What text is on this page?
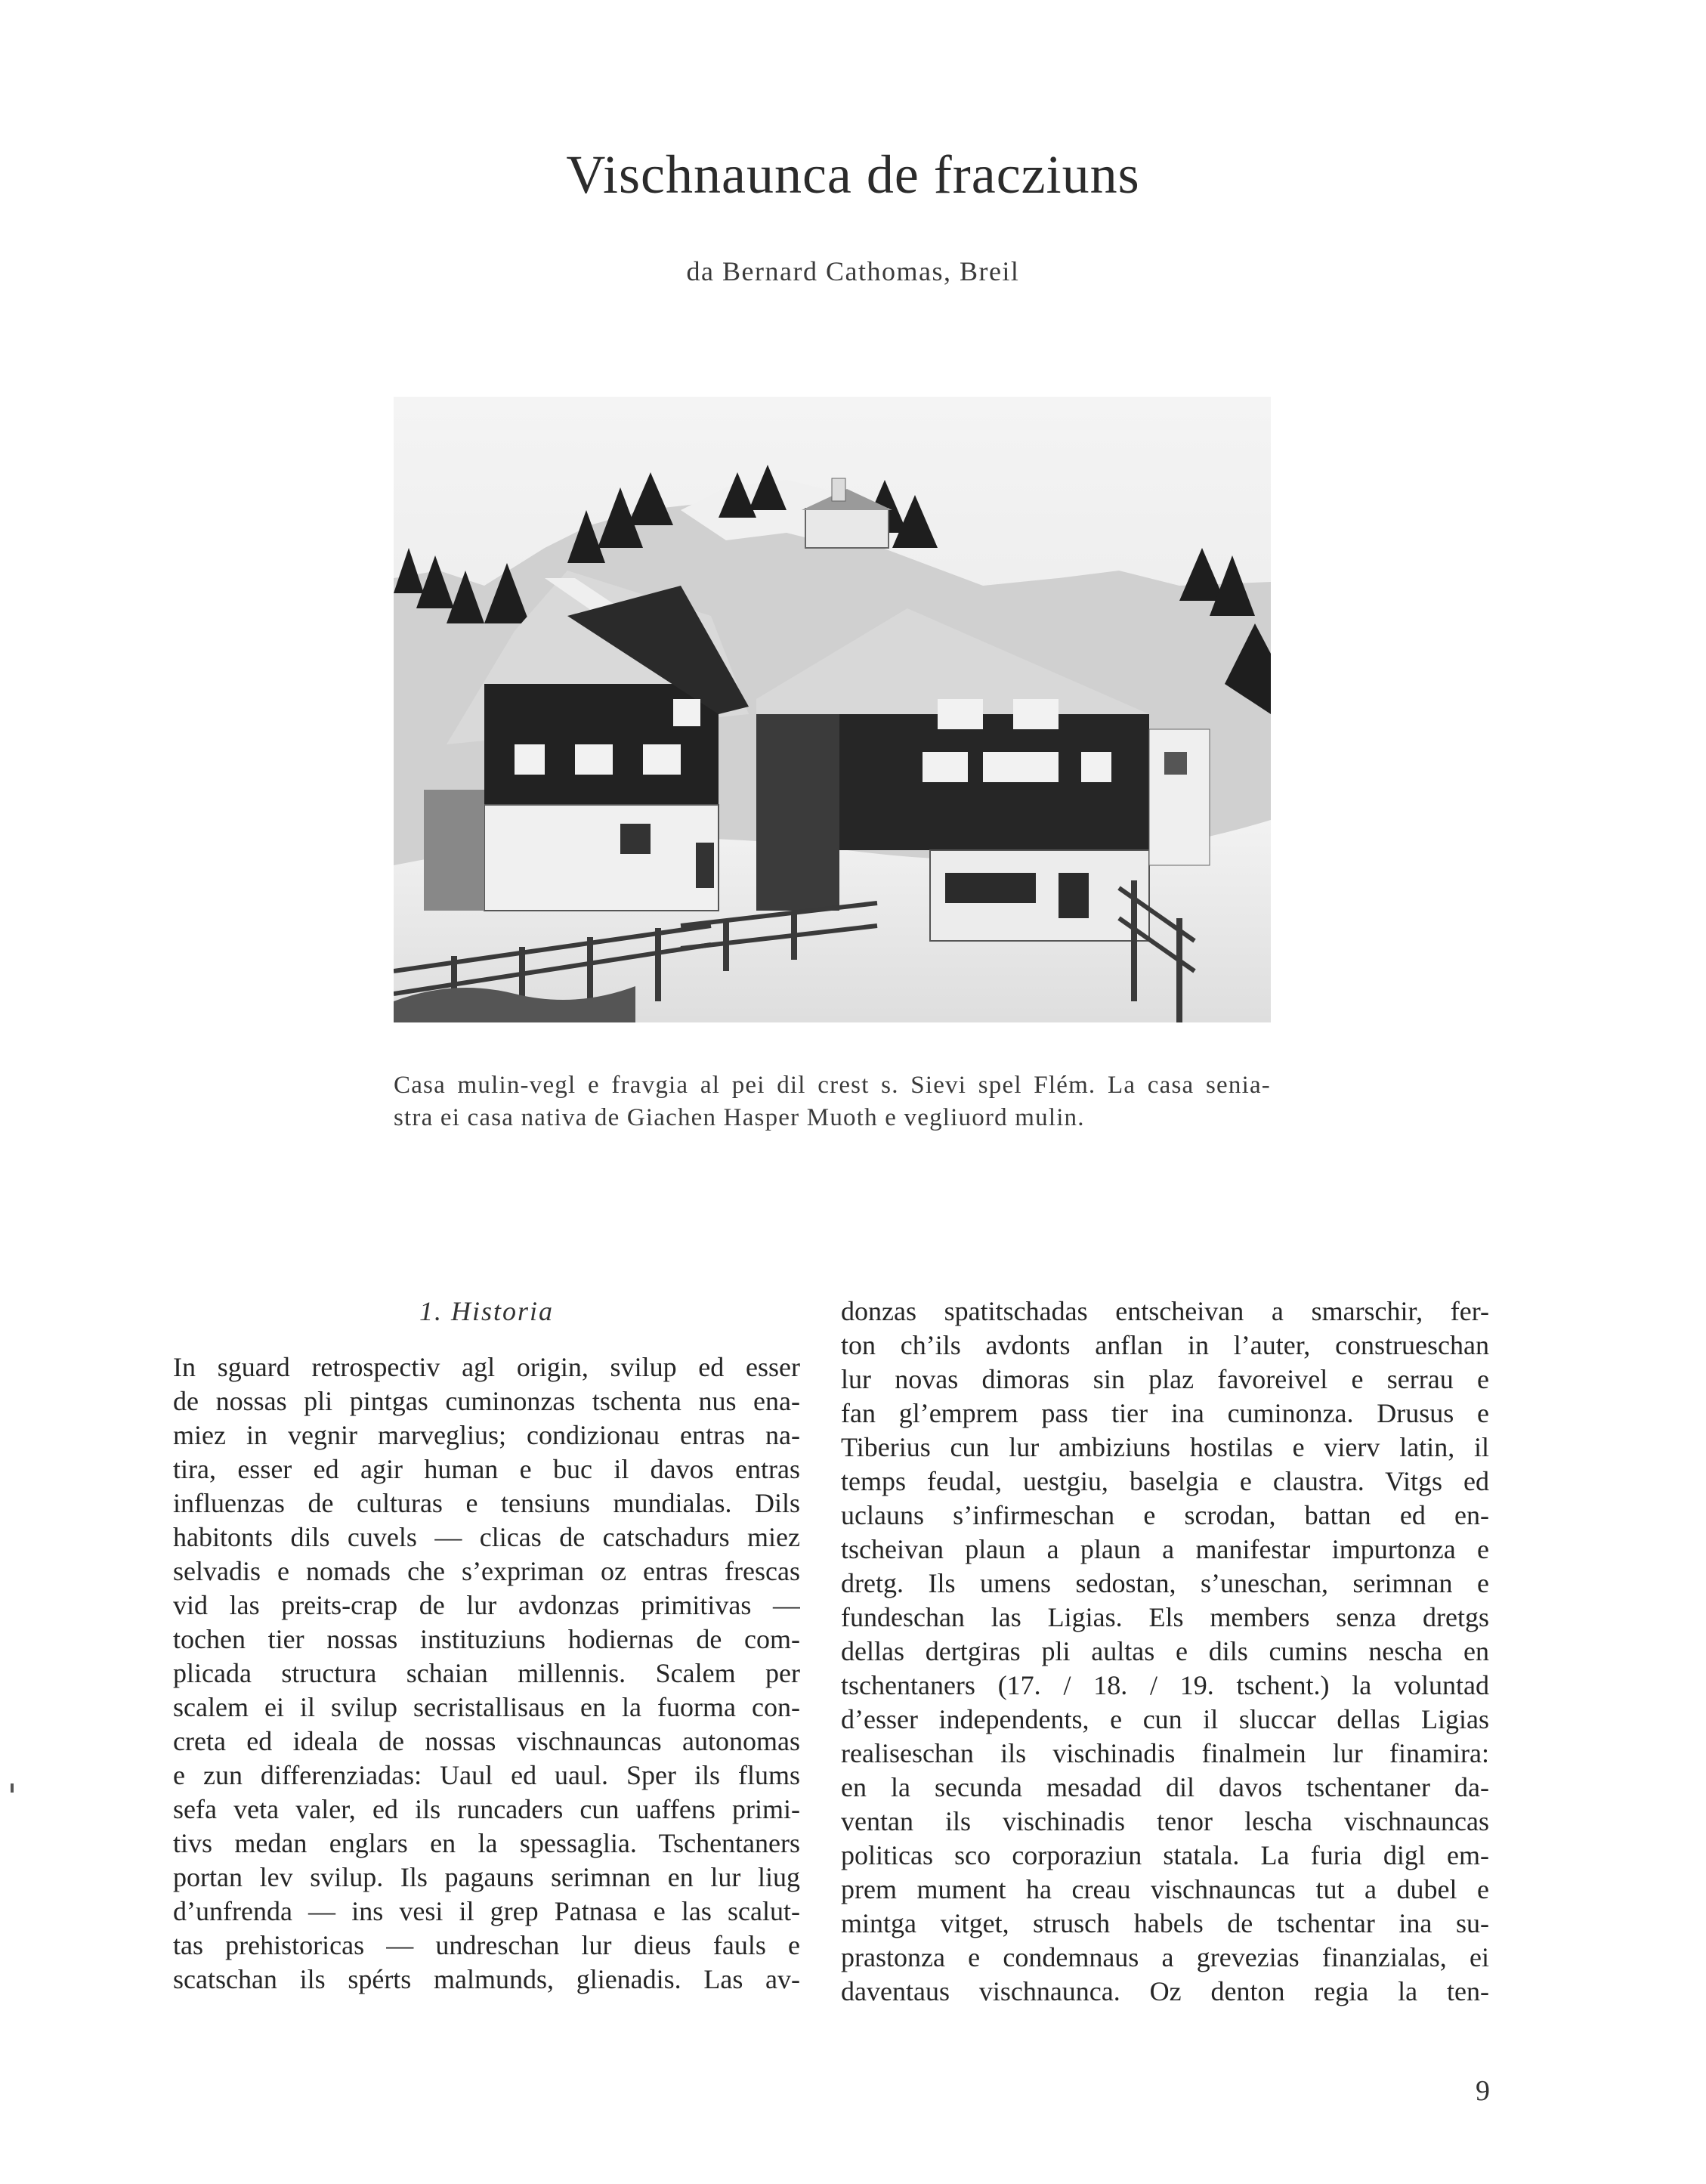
Vischnaunca de fracziuns
da Bernard Cathomas, Breil

Casa mulin-vegl e fravgia al pei dil crest s. Sievi spel Flém. La casa senia-

stra ei casa nativa de Giachen Hasper Muoth e vegliuord mulin.

1. Historia
In sguard retrospectiv agl origin, svilup ed esser
de nossas pli pintgas cuminonzas tschenta nus ena-
miez in vegnir marveglius; condizionau entras na-
tira, esser ed agir human e buc il davos entras
influenzas de culturas e tensiuns mundialas. Dils
habitonts dils cuvels — clicas de catschadurs miez
selvadis e nomads che s’expriman oz entras frescas
vid las preits-crap de lur avdonzas primitivas —
tochen tier nossas instituziuns hodiernas de com-
plicada structura schaian millennis. Scalem per
scalem ei il svilup secristallisaus en la fuorma con-
creta ed ideala de nossas vischnauncas autonomas
e zun differenziadas: Uaul ed uaul. Sper ils flums
sefa veta valer, ed ils runcaders cun uaffens primi-
tivs medan englars en la spessaglia. Tschentaners
portan lev svilup. Ils pagauns serimnan en lur liug
d’unfrenda — ins vesi il grep Patnasa e las scalut-
tas prehistoricas — undreschan lur dieus fauls e
scatschan ils spérts malmunds, glienadis. Las av-
donzas spatitschadas entscheivan a smarschir, fer-
ton ch’ils avdonts anflan in l’auter, construeschan
lur novas dimoras sin plaz favoreivel e serrau e
fan gl’emprem pass tier ina cuminonza. Drusus e
Tiberius cun lur ambiziuns hostilas e vierv latin, il
temps feudal, uestgiu, baselgia e claustra. Vitgs ed
uclauns s’infirmeschan e scrodan, battan ed en-
tscheivan plaun a plaun a manifestar impurtonza e
dretg. Ils umens sedostan, s’uneschan, serimnan e
fundeschan las Ligias. Els members senza dretgs
dellas dertgiras pli aultas e dils cumins nescha en
tschentaners (17. / 18. / 19. tschent.) la voluntad
d’esser independents, e cun il sluccar dellas Ligias
realiseschan ils vischinadis finalmein lur finamira:
en la secunda mesadad dil davos tschentaner da-
ventan ils vischinadis tenor lescha vischnauncas
politicas sco corporaziun statala. La furia digl em-
prem mument ha creau vischnauncas tut a dubel e
mintga vitget, strusch habels de tschentar ina su-
prastonza e condemnaus a grevezias finanzialas, ei
daventaus vischnaunca. Oz denton regia la ten-
9
